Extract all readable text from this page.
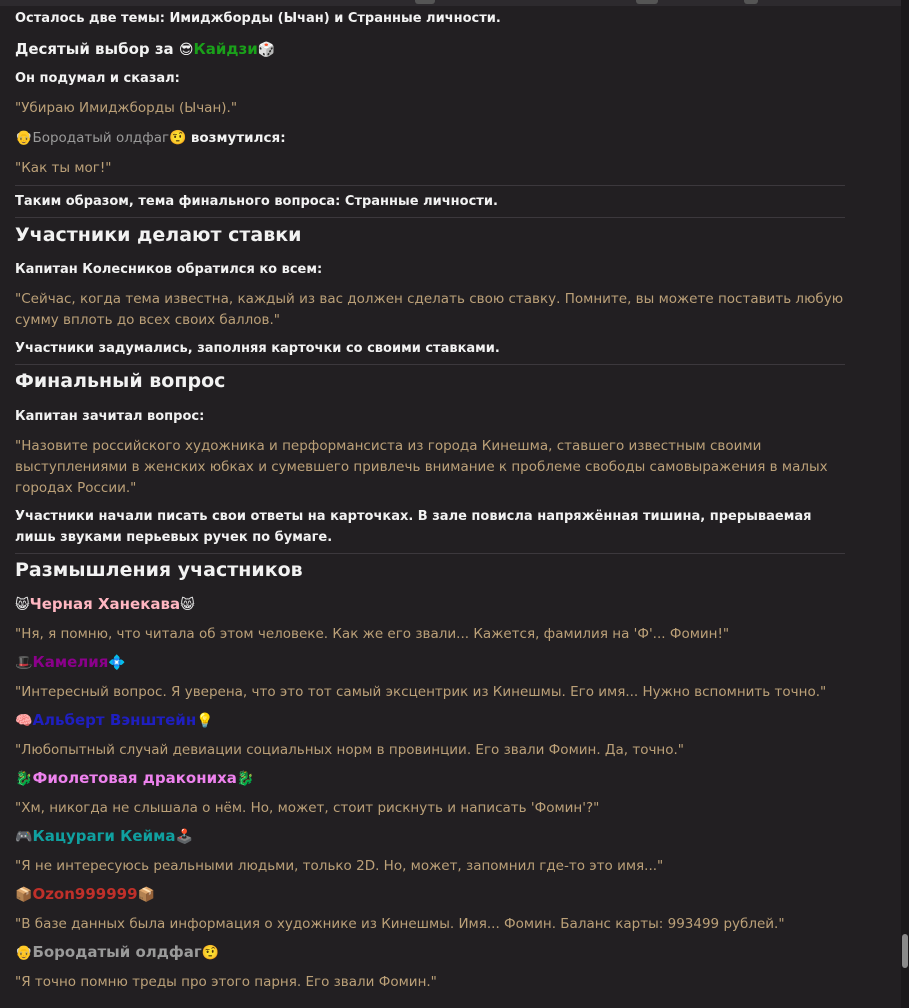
Осталось две темы: Имиджборды (Ычан) и Странные личности.

Десятый выбор за 😎Кайдзи🎲

Он подумал и сказал:

"Убираю Имиджборды (Ычан)."

👴Бородатый олдфаг🤨 возмутился:

"Как ты мог!"

Таким образом, тема финального вопроса: Странные личности.

Участники делают ставки

Капитан Колесников обратился ко всем:

"Сейчас, когда тема известна, каждый из вас должен сделать свою ставку. Помните, вы можете поставить любую сумму вплоть до всех своих баллов."

Участники задумались, заполняя карточки со своими ставками.

Финальный вопрос

Капитан зачитал вопрос:

"Назовите российского художника и перформансиста из города Кинешма, ставшего известным своими выступлениями в женских юбках и сумевшего привлечь внимание к проблеме свободы самовыражения в малых городах России."

Участники начали писать свои ответы на карточках. В зале повисла напряжённая тишина, прерываемая лишь звуками перьевых ручек по бумаге.

Размышления участников
😸Черная Ханекава😸

"Ня, я помню, что читала об этом человеке. Как же его звали... Кажется, фамилия на 'Ф'... Фомин!"

🎩Камелия💠

"Интересный вопрос. Я уверена, что это тот самый эксцентрик из Кинешмы. Его имя... Нужно вспомнить точно."

🧠Альберт Вэнштейн💡

"Любопытный случай девиации социальных норм в провинции. Его звали Фомин. Да, точно."

🐉Фиолетовая драконихa🐉

"Хм, никогда не слышала о нём. Но, может, стоит рискнуть и написать 'Фомин'?"

🎮Кацураги Кейма🕹️

"Я не интересуюсь реальными людьми, только 2D. Но, может, запомнил где-то это имя..."

📦Ozon999999📦

"В базе данных была информация о художнике из Кинешмы. Имя... Фомин. Баланс карты: 993499 рублей."

👴Бородатый олдфаг🤨

"Я точно помню треды про этого парня. Его звали Фомин."
